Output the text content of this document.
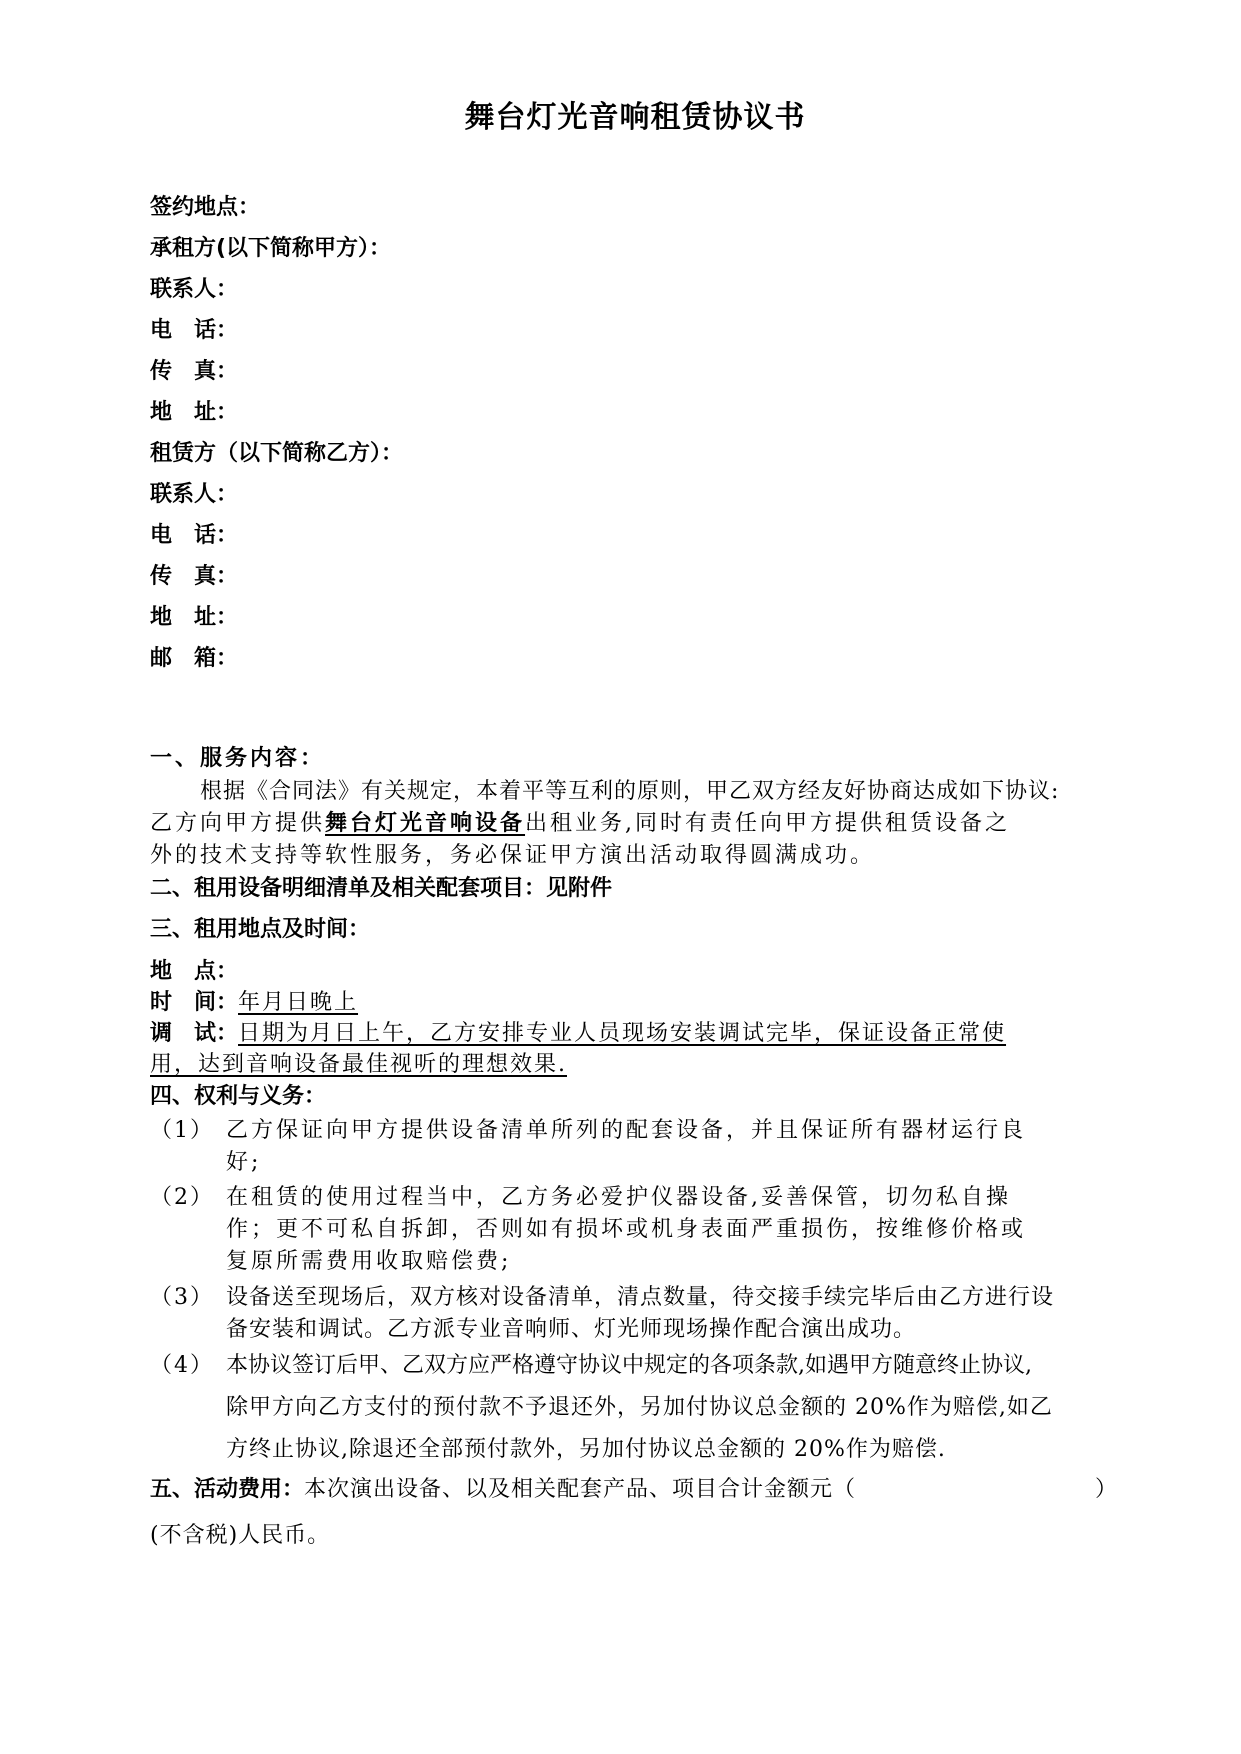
舞台灯光音响租赁协议书
签约地点：
承租方(以下简称甲方）：
联系人：
电　话：
传　真：
地　址：
租赁方（以下简称乙方）：
联系人：
电　话：
传　真：
地　址：
邮　箱：
一、服务内容：
根据《合同法》有关规定，本着平等互利的原则，甲乙双方经友好协商达成如下协议:
乙方向甲方提供舞台灯光音响设备出租业务,同时有责任向甲方提供租赁设备之
外的技术支持等软性服务，务必保证甲方演出活动取得圆满成功。
二、租用设备明细清单及相关配套项目：见附件
三、租用地点及时间：
地　点：
时　间：年月日晚上
调　试：日期为月日上午，乙方安排专业人员现场安装调试完毕，保证设备正常使
用，达到音响设备最佳视听的理想效果.
四、权利与义务：
（1） 乙方保证向甲方提供设备清单所列的配套设备，并且保证所有器材运行良
好;
（2） 在租赁的使用过程当中，乙方务必爱护仪器设备,妥善保管，切勿私自操
作；更不可私自拆卸，否则如有损坏或机身表面严重损伤，按维修价格或
复原所需费用收取赔偿费;
（3） 设备送至现场后，双方核对设备清单，清点数量，待交接手续完毕后由乙方进行设
备安装和调试。乙方派专业音响师、灯光师现场操作配合演出成功。
（4） 本协议签订后甲、乙双方应严格遵守协议中规定的各项条款,如遇甲方随意终止协议,
除甲方向乙方支付的预付款不予退还外，另加付协议总金额的 20%作为赔偿,如乙
方终止协议,除退还全部预付款外，另加付协议总金额的 20%作为赔偿.
五、活动费用：本次演出设备、以及相关配套产品、项目合计金额元（	）
(不含税)人民币。
